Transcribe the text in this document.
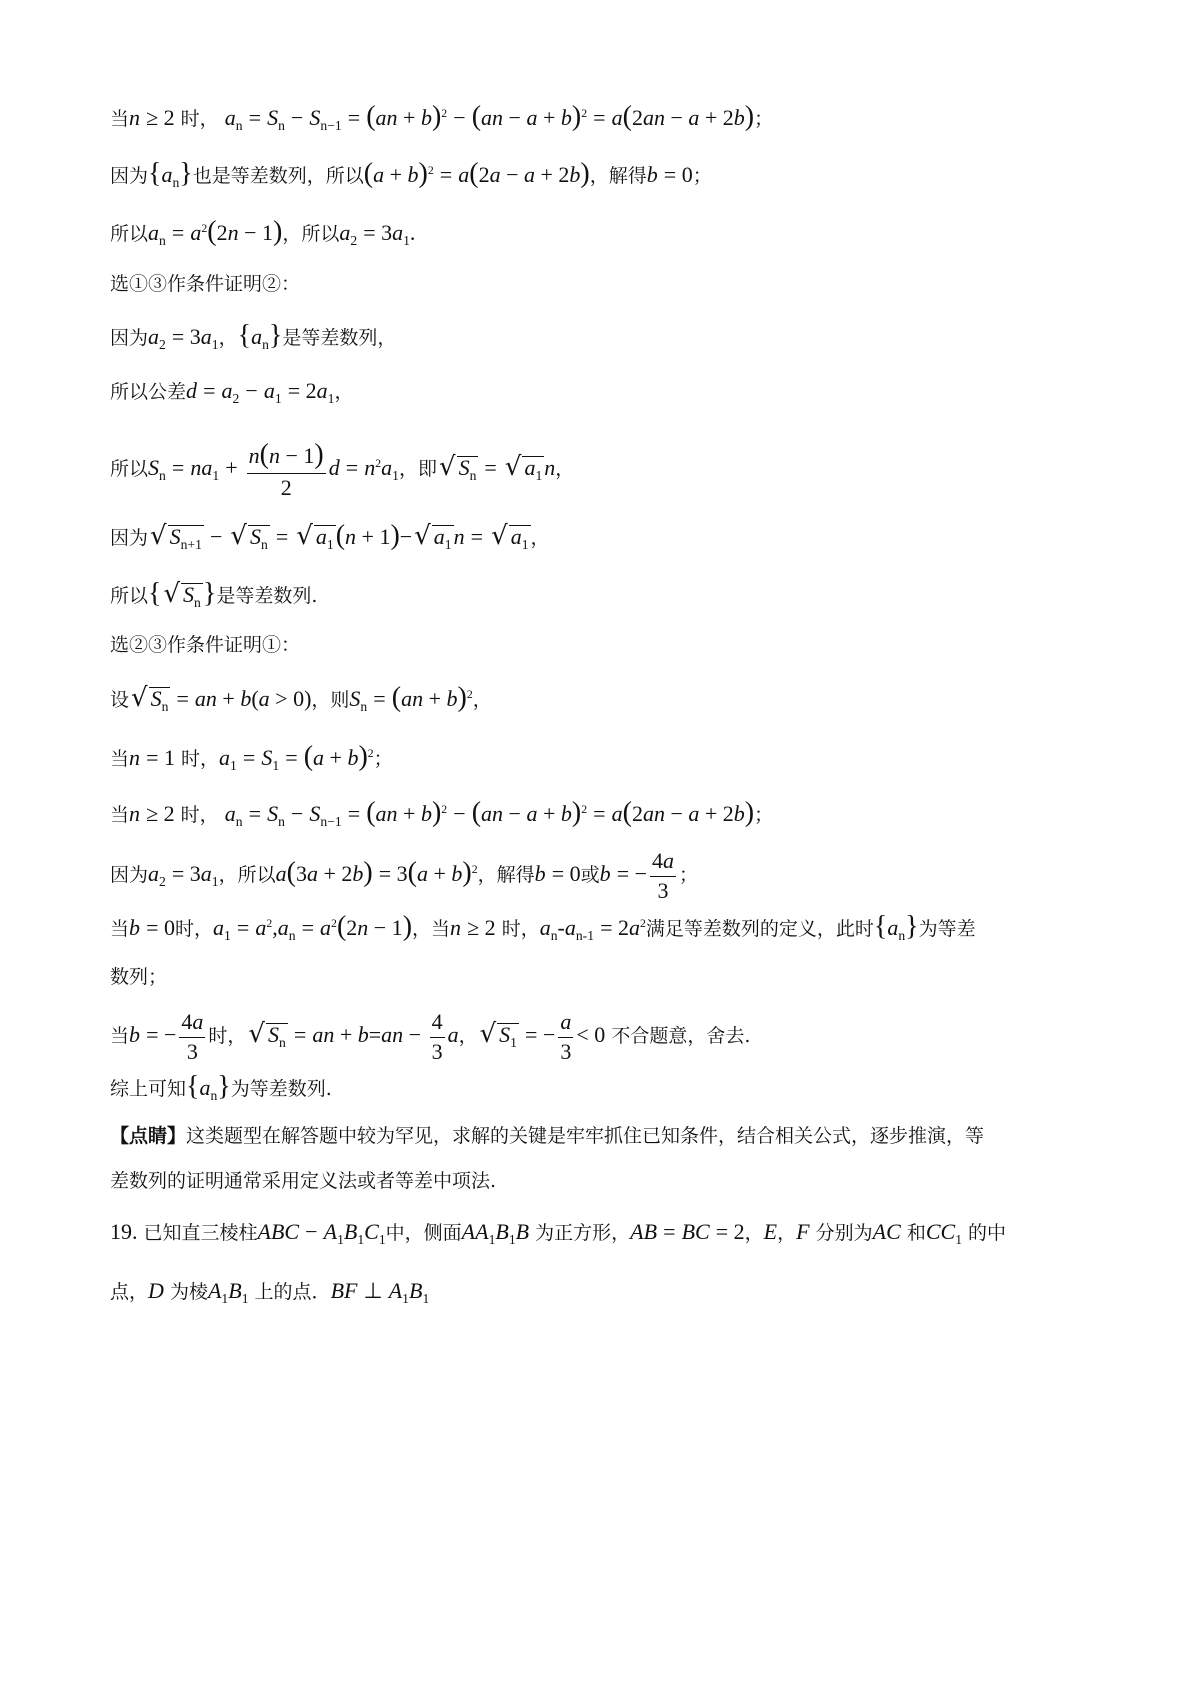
当n ≥ 2 时， $a_n = S_n - S_{n-1} = (an + b)^2 - (an - a + b)^2 = a(2an - a + 2b)$；
因为$\{a_n\}$也是等差数列，所以$(a + b)^2 = a(2a - a + 2b)$，解得b = 0；
所以$a_n = a^2(2n - 1)$，所以$a_2 = 3a_1$.
选①③作条件证明②：
因为$a_2 = 3a_1$，$\{a_n\}$是等差数列，
所以公差$d = a_2 - a_1 = 2a_1$，
所以$S_n = na_1 + \frac{n(n - 1)}{2}$ $d = n^2a_1$，即√ $S_n$ = √ $a_1n$，
因为√ $S_{n+1}$ − √ $S_n$ = √ $a_1(n + 1)-√$ $a_1n$ = √ $a_1$ ，
所以{√ $S_n$}是等差数列.
选②③作条件证明①：
设√ $S_n$ = an + b(a > 0)，则$S_n = (an + b)^2$，
当n = 1 时，$a_1 = S_1 = (a + b)^2$；
当n ≥ 2 时， $a_n = S_n - S_{n-1} = (an + b)^2 - (an - a + b)^2 = a(2an - a + 2b)$；
因为$a_2 = 3a_1$，所以$a(3a + 2b) = 3(a + b)^2$，解得b = 0或b = − $\frac{4a}{3}$ ；
当b = 0时，$a_1 = a^2,a_n = a^2(2n - 1)$，当n ≥ 2 时，$a_n-a_{n-1} = 2a^2$满足等差数列的定义，此时$\{a_n\}$为等差
数列；
当b = − $\frac{4a}{3}$ 时，√ $S_n$ = an + $b=an - \frac{4}{3}$ a，√ $S_1$ = − $\frac{a}{3} < 0$ 不合题意，舍去.
综上可知$\{a_n\}$为等差数列.
【点睛】这类题型在解答题中较为罕见，求解的关键是牢牢抓住已知条件，结合相关公式，逐步推演，等
差数列的证明通常采用定义法或者等差中项法.
19. 已知直三棱柱ABC − $A_1B_1C_1$中，侧面$AA_1B_1B$ 为正方形，AB = BC = 2，E，F 分别为AC 和$CC_1$ 的中
点，D 为棱$A_1B_1$ 上的点．BF ⊥ $A_1B_1$
